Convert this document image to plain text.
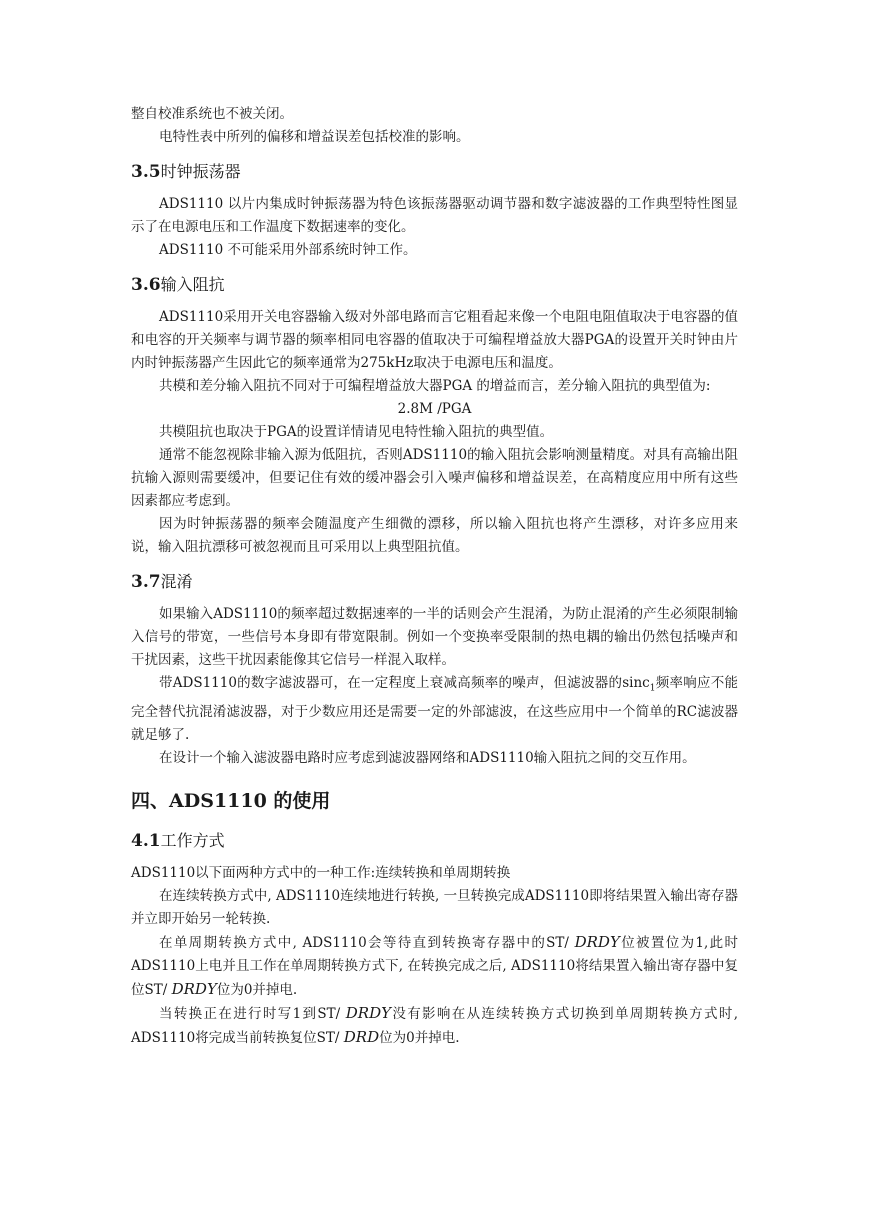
整自校准系统也不被关闭。

电特性表中所列的偏移和增益误差包括校准的影响。

3.5时钟振荡器

ADS1110 以片内集成时钟振荡器为特色该振荡器驱动调节器和数字滤波器的工作典型特性图显示了在电源电压和工作温度下数据速率的变化。

ADS1110 不可能采用外部系统时钟工作。

3.6输入阻抗

ADS1110采用开关电容器输入级对外部电路而言它粗看起来像一个电阻电阻值取决于电容器的值和电容的开关频率与调节器的频率相同电容器的值取决于可编程增益放大器PGA的设置开关时钟由片内时钟振荡器产生因此它的频率通常为275kHz取决于电源电压和温度。

共模和差分输入阻抗不同对于可编程增益放大器PGA 的增益而言，差分输入阻抗的典型值为:

2.8M /PGA

共模阻抗也取决于PGA的设置详情请见电特性输入阻抗的典型值。

通常不能忽视除非输入源为低阻抗，否则ADS1110的输入阻抗会影响测量精度。对具有高输出阻抗输入源则需要缓冲，但要记住有效的缓冲器会引入噪声偏移和增益误差，在高精度应用中所有这些因素都应考虑到。

因为时钟振荡器的频率会随温度产生细微的漂移，所以输入阻抗也将产生漂移，对许多应用来说，输入阻抗漂移可被忽视而且可采用以上典型阻抗值。

3.7混淆

如果输入ADS1110的频率超过数据速率的一半的话则会产生混淆，为防止混淆的产生必须限制输入信号的带宽，一些信号本身即有带宽限制。例如一个变换率受限制的热电耦的输出仍然包括噪声和干扰因素，这些干扰因素能像其它信号一样混入取样。

带ADS1110的数字滤波器可，在一定程度上衰减高频率的噪声，但滤波器的sinc$_1$频率响应不能完全替代抗混淆滤波器，对于少数应用还是需要一定的外部滤波，在这些应用中一个简单的RC滤波器就足够了.

在设计一个输入滤波器电路时应考虑到滤波器网络和ADS1110输入阻抗之间的交互作用。

四、ADS1110 的使用
4.1工作方式

ADS1110以下面两种方式中的一种工作:连续转换和单周期转换

在连续转换方式中, ADS1110连续地进行转换, 一旦转换完成ADS1110即将结果置入输出寄存器并立即开始另一轮转换.

在单周期转换方式中, ADS1110会等待直到转换寄存器中的ST/ DRDY位被置位为1,此时ADS1110上电并且工作在单周期转换方式下, 在转换完成之后, ADS1110将结果置入输出寄存器中复位ST/ DRDY位为0并掉电.

当转换正在进行时写1到ST/ DRDY没有影响在从连续转换方式切换到单周期转换方式时, ADS1110将完成当前转换复位ST/ DRD位为0并掉电.
